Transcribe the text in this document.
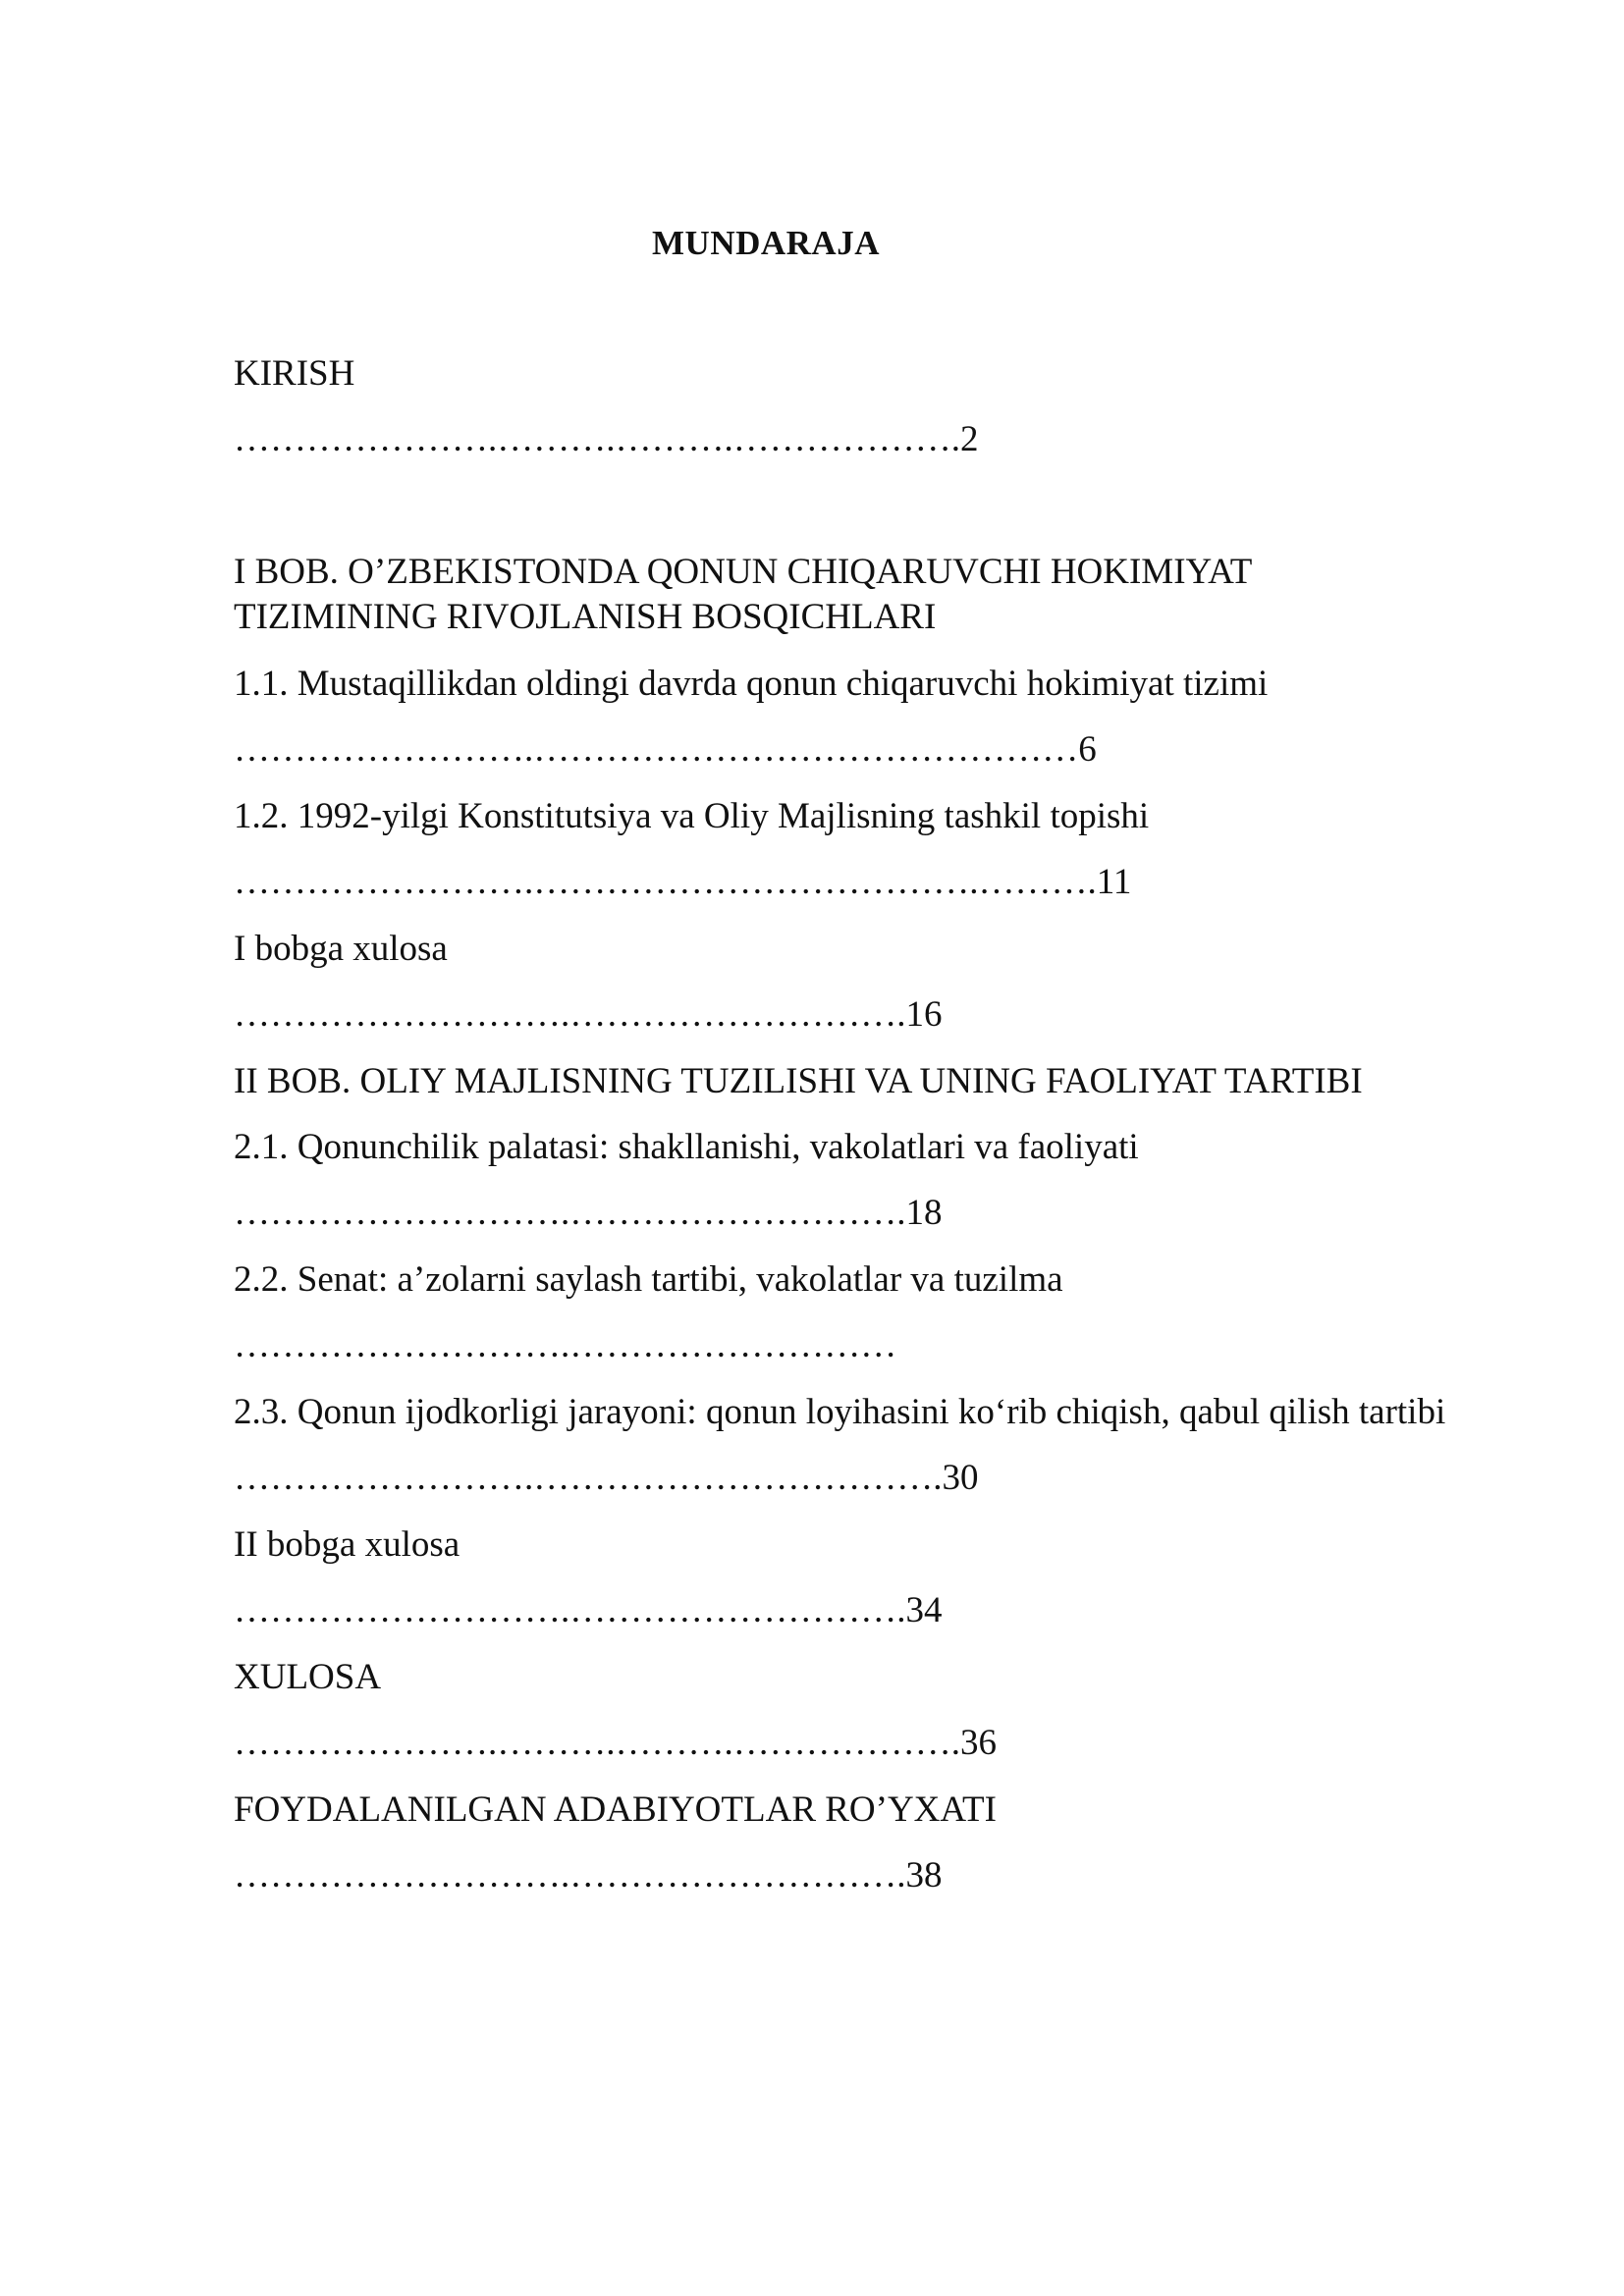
MUNDARAJA
KIRISH
………………….……….……….……………….2
I BOB. O’ZBEKISTONDA QONUN CHIQARUVCHI HOKIMIYAT
TIZIMINING RIVOJLANISH BOSQICHLARI
1.1. Mustaqillikdan oldingi davrda qonun chiqaruvchi hokimiyat tizimi
…………………….………………………………………6
1.2. 1992-yilgi Konstitutsiya va Oliy Majlisning tashkil topishi
…………………….……………………………….……….11
I bobga xulosa
……………………….……………………….16
II BOB. OLIY MAJLISNING TUZILISHI VA UNING FAOLIYAT TARTIBI
2.1. Qonunchilik palatasi: shakllanishi, vakolatlari va faoliyati
……………………….……………………….18
2.2. Senat: a’zolarni saylash tartibi, vakolatlar va tuzilma
……………………….………………………
2.3. Qonun ijodkorligi jarayoni: qonun loyihasini ko‘rib chiqish, qabul qilish tartibi
…………………….…………………………….30
II bobga xulosa
……………………….……………………….34
XULOSA
………………….……….……….……………….36
FOYDALANILGAN ADABIYOTLAR RO’YXATI
……………………….……………………….38
